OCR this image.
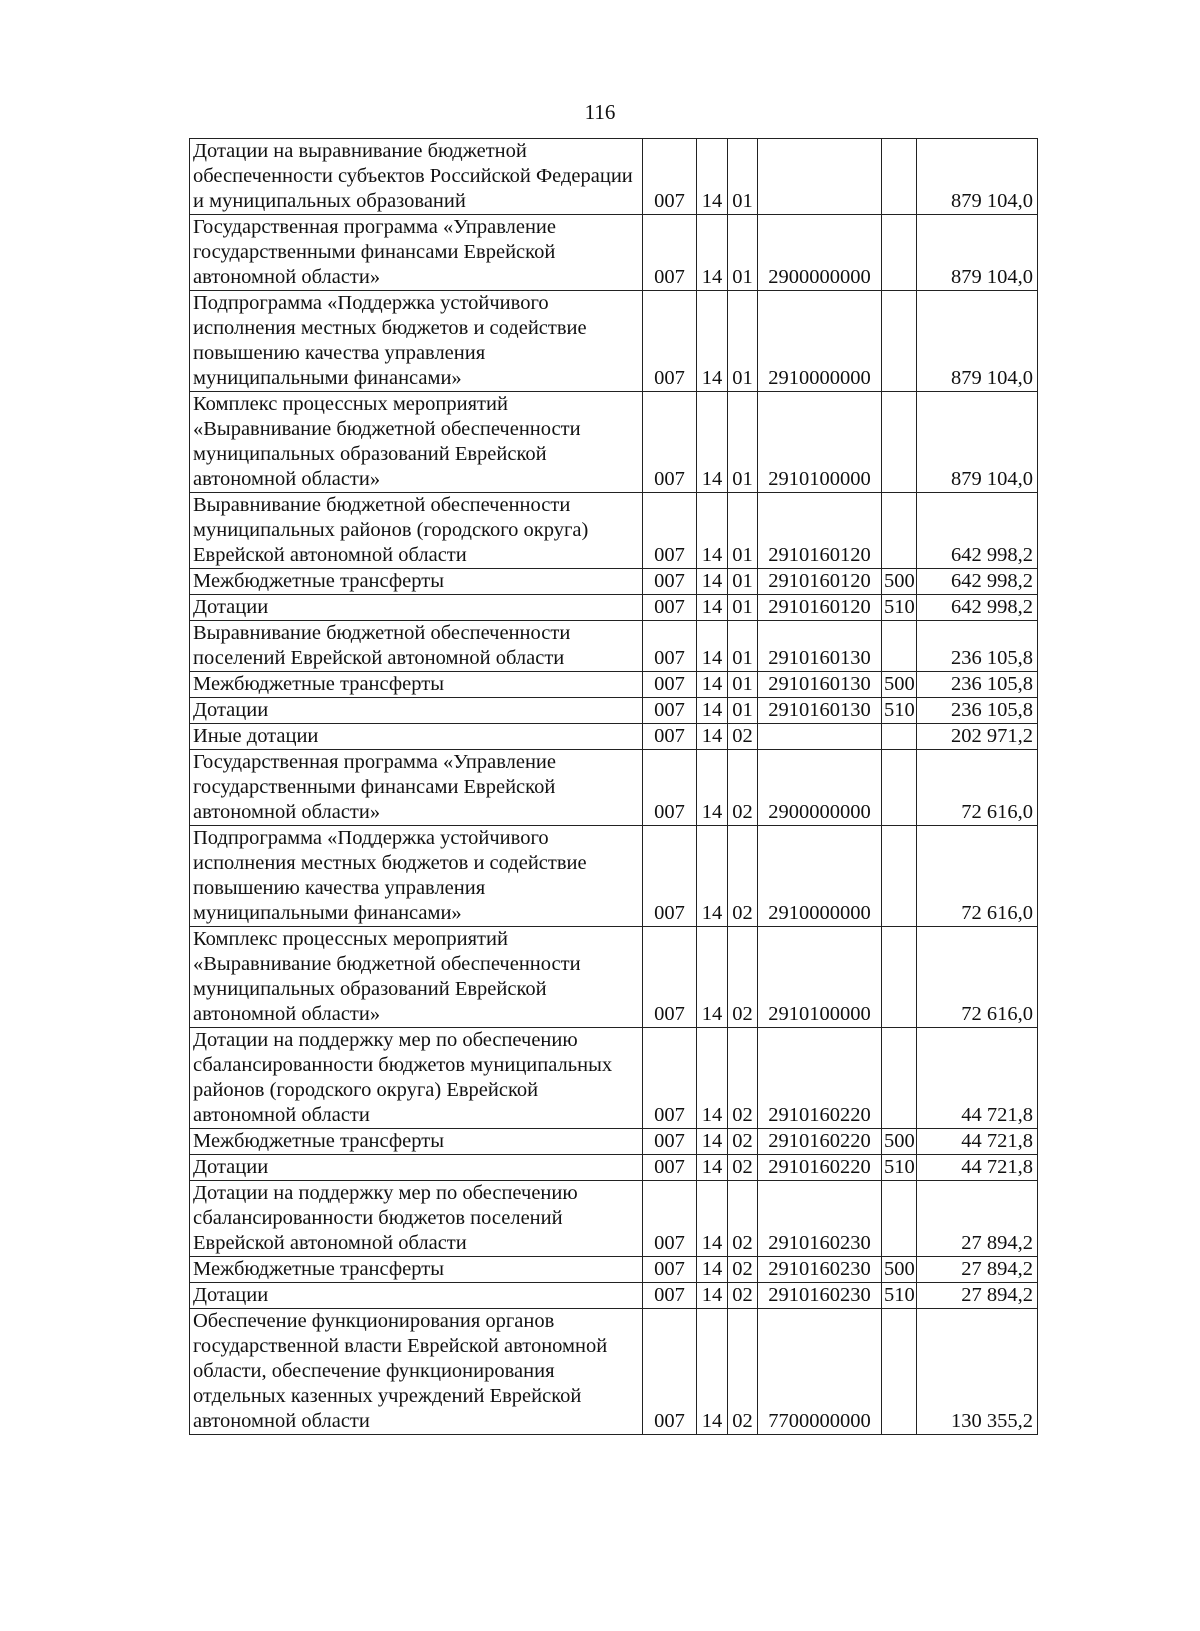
116
Дотации на выравнивание бюджетной обеспеченности субъектов Российской Федерации и муниципальных образований	007	14	01			879 104,0
Государственная программа «Управление государственными финансами Еврейской автономной области»	007	14	01	2900000000		879 104,0
Подпрограмма «Поддержка устойчивого исполнения местных бюджетов и содействие повышению качества управления муниципальными финансами»	007	14	01	2910000000		879 104,0
Комплекс процессных мероприятий «Выравнивание бюджетной обеспеченности муниципальных образований Еврейской автономной области»	007	14	01	2910100000		879 104,0
Выравнивание бюджетной обеспеченности муниципальных районов (городского округа) Еврейской автономной области	007	14	01	2910160120		642 998,2
Межбюджетные трансферты	007	14	01	2910160120	500	642 998,2
Дотации	007	14	01	2910160120	510	642 998,2
Выравнивание бюджетной обеспеченности поселений Еврейской автономной области	007	14	01	2910160130		236 105,8
Межбюджетные трансферты	007	14	01	2910160130	500	236 105,8
Дотации	007	14	01	2910160130	510	236 105,8
Иные дотации	007	14	02			202 971,2
Государственная программа «Управление государственными финансами Еврейской автономной области»	007	14	02	2900000000		72 616,0
Подпрограмма «Поддержка устойчивого исполнения местных бюджетов и содействие повышению качества управления муниципальными финансами»	007	14	02	2910000000		72 616,0
Комплекс процессных мероприятий «Выравнивание бюджетной обеспеченности муниципальных образований Еврейской автономной области»	007	14	02	2910100000		72 616,0
Дотации на поддержку мер по обеспечению сбалансированности бюджетов муниципальных районов (городского округа) Еврейской автономной области	007	14	02	2910160220		44 721,8
Межбюджетные трансферты	007	14	02	2910160220	500	44 721,8
Дотации	007	14	02	2910160220	510	44 721,8
Дотации на поддержку мер по обеспечению сбалансированности бюджетов поселений Еврейской автономной области	007	14	02	2910160230		27 894,2
Межбюджетные трансферты	007	14	02	2910160230	500	27 894,2
Дотации	007	14	02	2910160230	510	27 894,2
Обеспечение функционирования органов государственной власти Еврейской автономной области, обеспечение функционирования отдельных казенных учреждений Еврейской автономной области	007	14	02	7700000000		130 355,2
